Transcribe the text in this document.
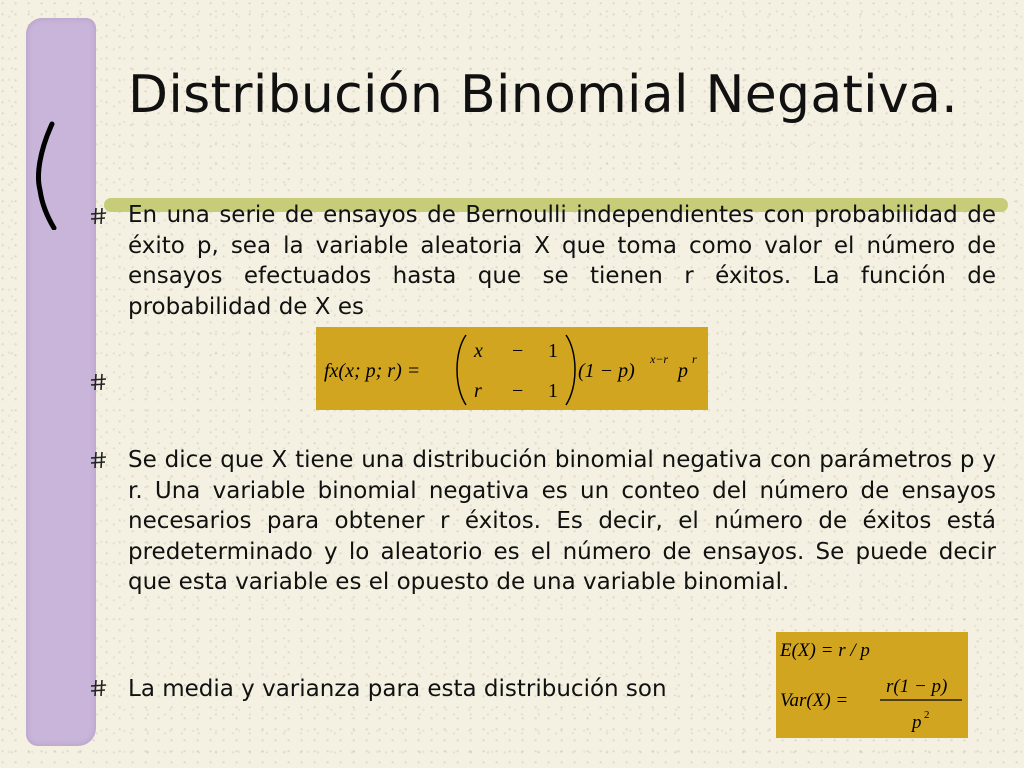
Distribución Binomial Negativa.

En una serie de ensayos de Bernoulli independientes con probabilidad de éxito p, sea la variable aleatoria X que toma como valor el número de ensayos efectuados hasta que se tienen r éxitos. La función de probabilidad de X es

fx(x; p; r) =
x − 1
r − 1
(1 − p)
x−r
p
r

Se dice que X tiene una distribución binomial negativa con parámetros p y r. Una variable binomial negativa es un conteo del número de ensayos necesarios para obtener r éxitos. Es decir, el número de éxitos está predeterminado y lo aleatorio es el número de ensayos. Se puede decir que esta variable es el opuesto de una variable binomial.

La media y varianza para esta distribución son

E(X) = r / p
Var(X) =
r(1 − p)
p 2
